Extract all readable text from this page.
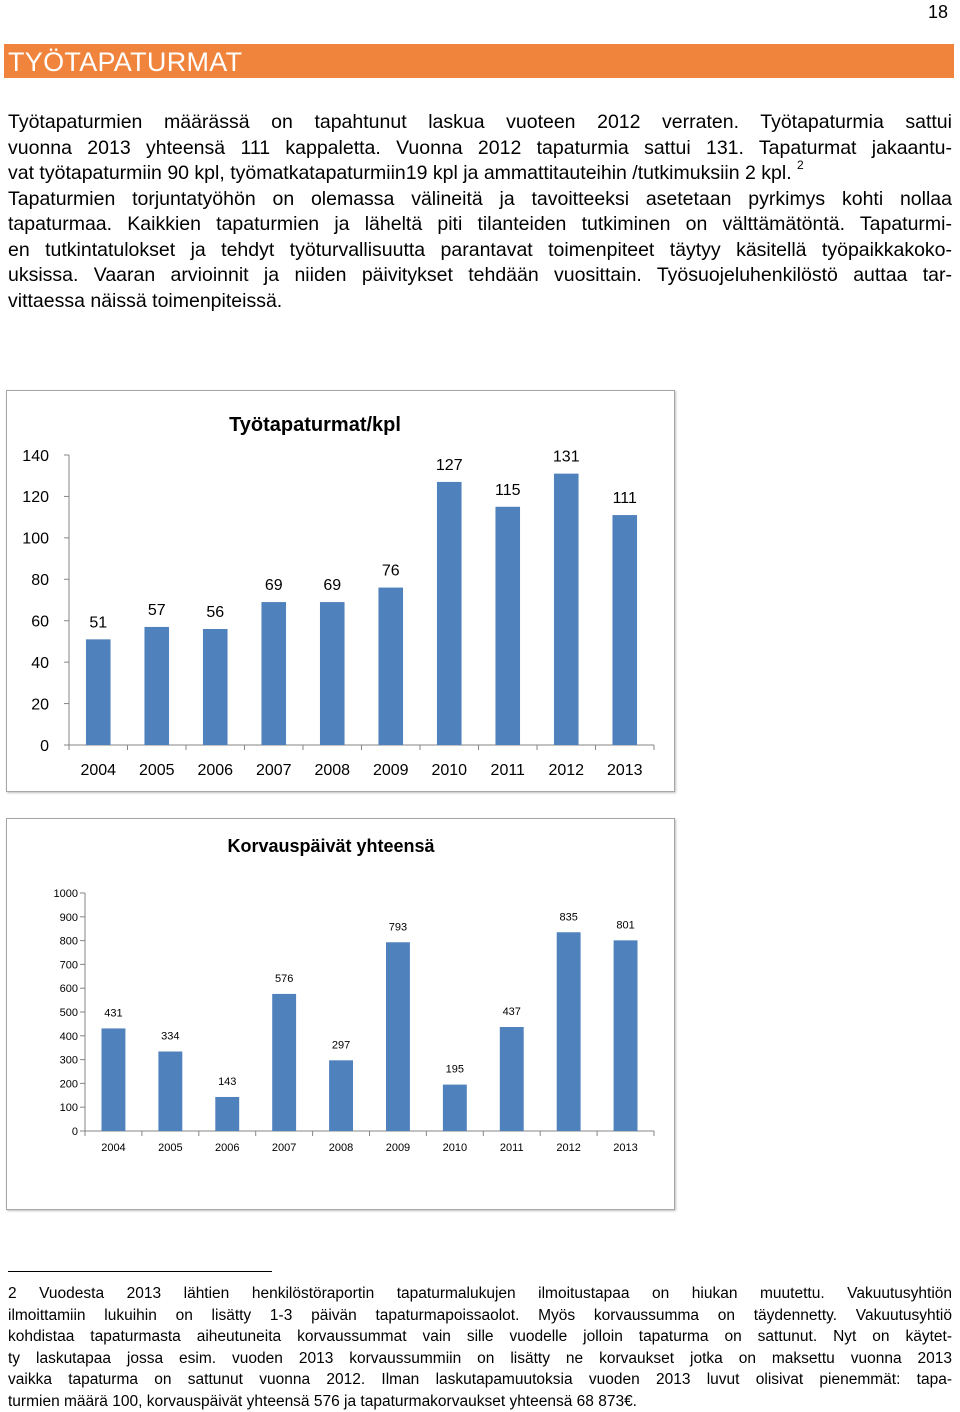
18
TYÖTAPATURMAT
Työtapaturmien määrässä on tapahtunut laskua vuoteen 2012 verraten. Työtapaturmia sattui
vuonna 2013 yhteensä 111 kappaletta. Vuonna 2012 tapaturmia sattui 131. Tapaturmat jakaantu-
vat työtapaturmiin 90 kpl, työmatkatapaturmiin19 kpl ja ammattitauteihin /tutkimuksiin 2 kpl. $^2$
Tapaturmien torjuntatyöhön on olemassa välineitä ja tavoitteeksi asetetaan pyrkimys kohti nollaa
tapaturmaa. Kaikkien tapaturmien ja läheltä piti tilanteiden tutkiminen on välttämätöntä. Tapaturmi-
en tutkintatulokset ja tehdyt työturvallisuutta parantavat toimenpiteet täytyy käsitellä työpaikkakoko-
uksissa. Vaaran arvioinnit ja niiden päivitykset tehdään vuosittain. Työsuojeluhenkilöstö auttaa tar-
vittaessa näissä toimenpiteissä.
Työtapaturmat/kpl
0
20
40
60
80
100
120
140
51
2004
57
2005
56
2006
69
2007
69
2008
76
2009
127
2010
115
2011
131
2012
111
2013
Korvauspäivät yhteensä
0
100
200
300
400
500
600
700
800
900
1000
431
2004
334
2005
143
2006
576
2007
297
2008
793
2009
195
2010
437
2011
835
2012
801
2013
2 Vuodesta 2013 lähtien henkilöstöraportin tapaturmalukujen ilmoitustapaa on hiukan muutettu. Vakuutusyhtiön
ilmoittamiin lukuihin on lisätty 1-3 päivän tapaturmapoissaolot. Myös korvaussumma on täydennetty. Vakuutusyhtiö
kohdistaa tapaturmasta aiheutuneita korvaussummat vain sille vuodelle jolloin tapaturma on sattunut. Nyt on käytet-
ty laskutapaa jossa esim. vuoden 2013 korvaussummiin on lisätty ne korvaukset jotka on maksettu vuonna 2013
vaikka tapaturma on sattunut vuonna 2012. Ilman laskutapamuutoksia vuoden 2013 luvut olisivat pienemmät: tapa-
turmien määrä 100, korvauspäivät yhteensä 576 ja tapaturmakorvaukset yhteensä 68 873€.
